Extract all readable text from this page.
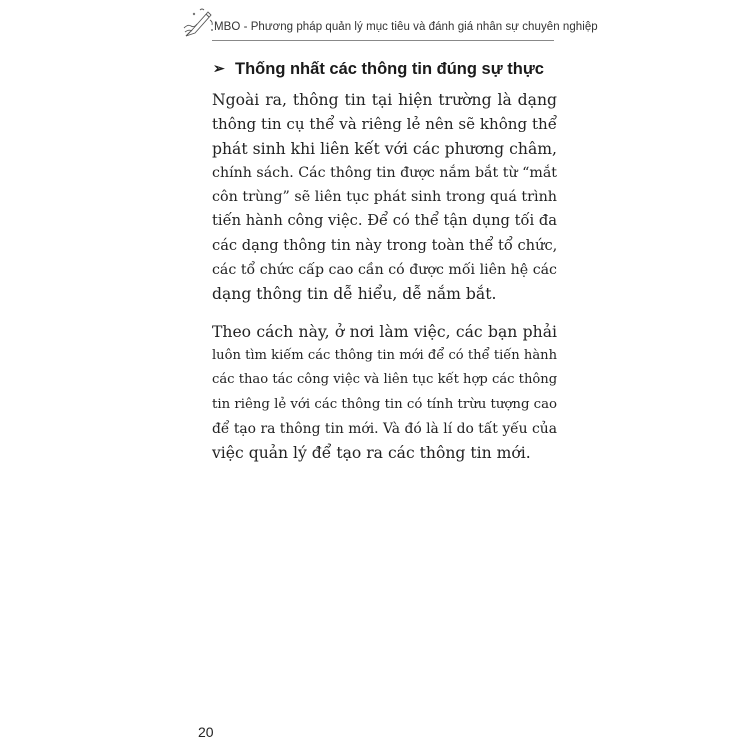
MBO - Phương pháp quản lý mục tiêu và đánh giá nhân sự chuyên nghiệp
➢ Thống nhất các thông tin đúng sự thực

Ngoài ra, thông tin tại hiện trường là dạng
thông tin cụ thể và riêng lẻ nên sẽ không thể
phát sinh khi liên kết với các phương châm,
chính sách. Các thông tin được nắm bắt từ “mắt
côn trùng” sẽ liên tục phát sinh trong quá trình
tiến hành công việc. Để có thể tận dụng tối đa
các dạng thông tin này trong toàn thể tổ chức,
các tổ chức cấp cao cần có được mối liên hệ các
dạng thông tin dễ hiểu, dễ nắm bắt.

Theo cách này, ở nơi làm việc, các bạn phải
luôn tìm kiếm các thông tin mới để có thể tiến hành
các thao tác công việc và liên tục kết hợp các thông
tin riêng lẻ với các thông tin có tính trừu tượng cao
để tạo ra thông tin mới. Và đó là lí do tất yếu của
việc quản lý để tạo ra các thông tin mới.

20
